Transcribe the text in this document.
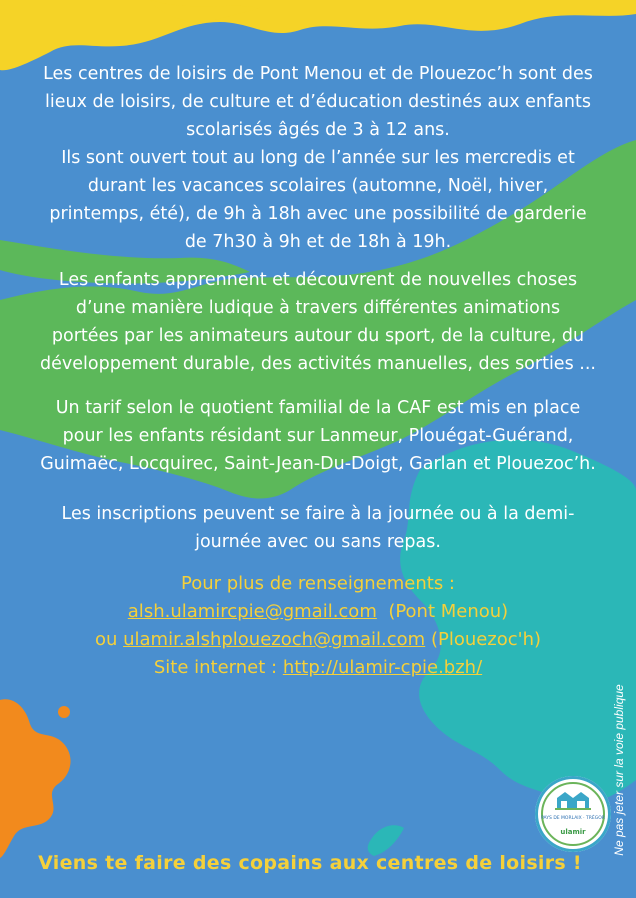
Les centres de loisirs de Pont Menou et de Plouezoc’h sont des lieux de loisirs, de culture et d’éducation destinés aux enfants scolarisés âgés de 3 à 12 ans.

Ils sont ouvert tout au long de l’année sur les mercredis et durant les vacances scolaires (automne, Noël, hiver, printemps, été), de 9h à 18h avec une possibilité de garderie de 7h30 à 9h et de 18h à 19h.

Les enfants apprennent et découvrent de nouvelles choses d’une manière ludique à travers différentes animations portées par les animateurs autour du sport, de la culture, du développement durable, des activités manuelles, des sorties ...

Un tarif selon le quotient familial de la CAF est mis en place pour les enfants résidant sur Lanmeur, Plouégat-Guérand, Guimaëc, Locquirec, Saint-Jean-Du-Doigt, Garlan et Plouezoc’h.

Les inscriptions peuvent se faire à la journée ou à la demi-journée avec ou sans repas.

Pour plus de renseignements :
alsh.ulamircpie@gmail.com (Pont Menou)
ou ulamir.alshplouezoch@gmail.com (Plouezoc'h)
Site internet : http://ulamir-cpie.bzh/
PAYS DE MORLAIX · TRÉGOR
ulamir	Ne pas jeter sur la voie publique
Viens te faire des copains aux centres de loisirs !
